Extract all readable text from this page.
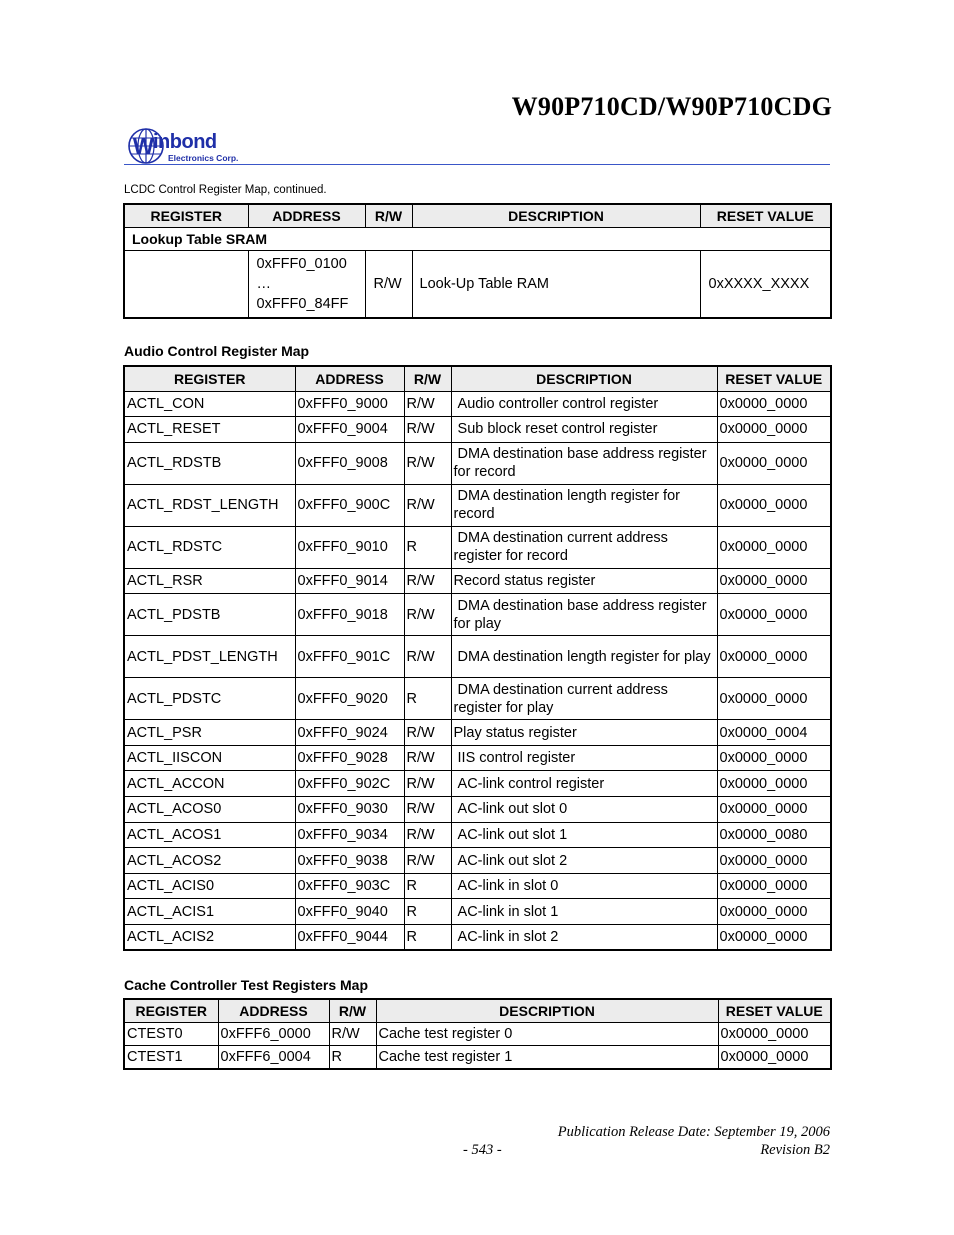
W90P710CD/W90P710CDG
W inbond
Electronics Corp.
LCDC Control Register Map, continued.
REGISTER	ADDRESS	R/W	DESCRIPTION	RESET VALUE
Lookup Table SRAM				

	0xFFF0_0100
…
0xFFF0_84FF	R/W	Look-Up Table RAM	0xXXXX_XXXX
Audio Control Register Map
REGISTER	ADDRESS	R/W	DESCRIPTION	RESET VALUE
ACTL_CON	0xFFF0_9000	R/W	Audio controller control register	0x0000_0000
ACTL_RESET	0xFFF0_9004	R/W	Sub block reset control register	0x0000_0000
ACTL_RDSTB	0xFFF0_9008	R/W	DMA destination base address register for record	0x0000_0000
ACTL_RDST_LENGTH	0xFFF0_900C	R/W	DMA destination length register for record	0x0000_0000
ACTL_RDSTC	0xFFF0_9010	R	DMA destination current address register for record	0x0000_0000
ACTL_RSR	0xFFF0_9014	R/W	Record status register	0x0000_0000
ACTL_PDSTB	0xFFF0_9018	R/W	DMA destination base address register for play	0x0000_0000
ACTL_PDST_LENGTH	0xFFF0_901C	R/W	DMA destination length register for play	0x0000_0000
ACTL_PDSTC	0xFFF0_9020	R	DMA destination current address register for play	0x0000_0000
ACTL_PSR	0xFFF0_9024	R/W	Play status register	0x0000_0004
ACTL_IISCON	0xFFF0_9028	R/W	IIS control register	0x0000_0000
ACTL_ACCON	0xFFF0_902C	R/W	AC-link control register	0x0000_0000
ACTL_ACOS0	0xFFF0_9030	R/W	AC-link out slot 0	0x0000_0000
ACTL_ACOS1	0xFFF0_9034	R/W	AC-link out slot 1	0x0000_0080
ACTL_ACOS2	0xFFF0_9038	R/W	AC-link out slot 2	0x0000_0000
ACTL_ACIS0	0xFFF0_903C	R	AC-link in slot 0	0x0000_0000
ACTL_ACIS1	0xFFF0_9040	R	AC-link in slot 1	0x0000_0000
ACTL_ACIS2	0xFFF0_9044	R	AC-link in slot 2	0x0000_0000
Cache Controller Test Registers Map
REGISTER	ADDRESS	R/W	DESCRIPTION	RESET VALUE
CTEST0	0xFFF6_0000	R/W	Cache test register 0	0x0000_0000
CTEST1	0xFFF6_0004	R	Cache test register 1	0x0000_0000
Publication Release Date: September 19, 2006
- 543 -	Revision B2
